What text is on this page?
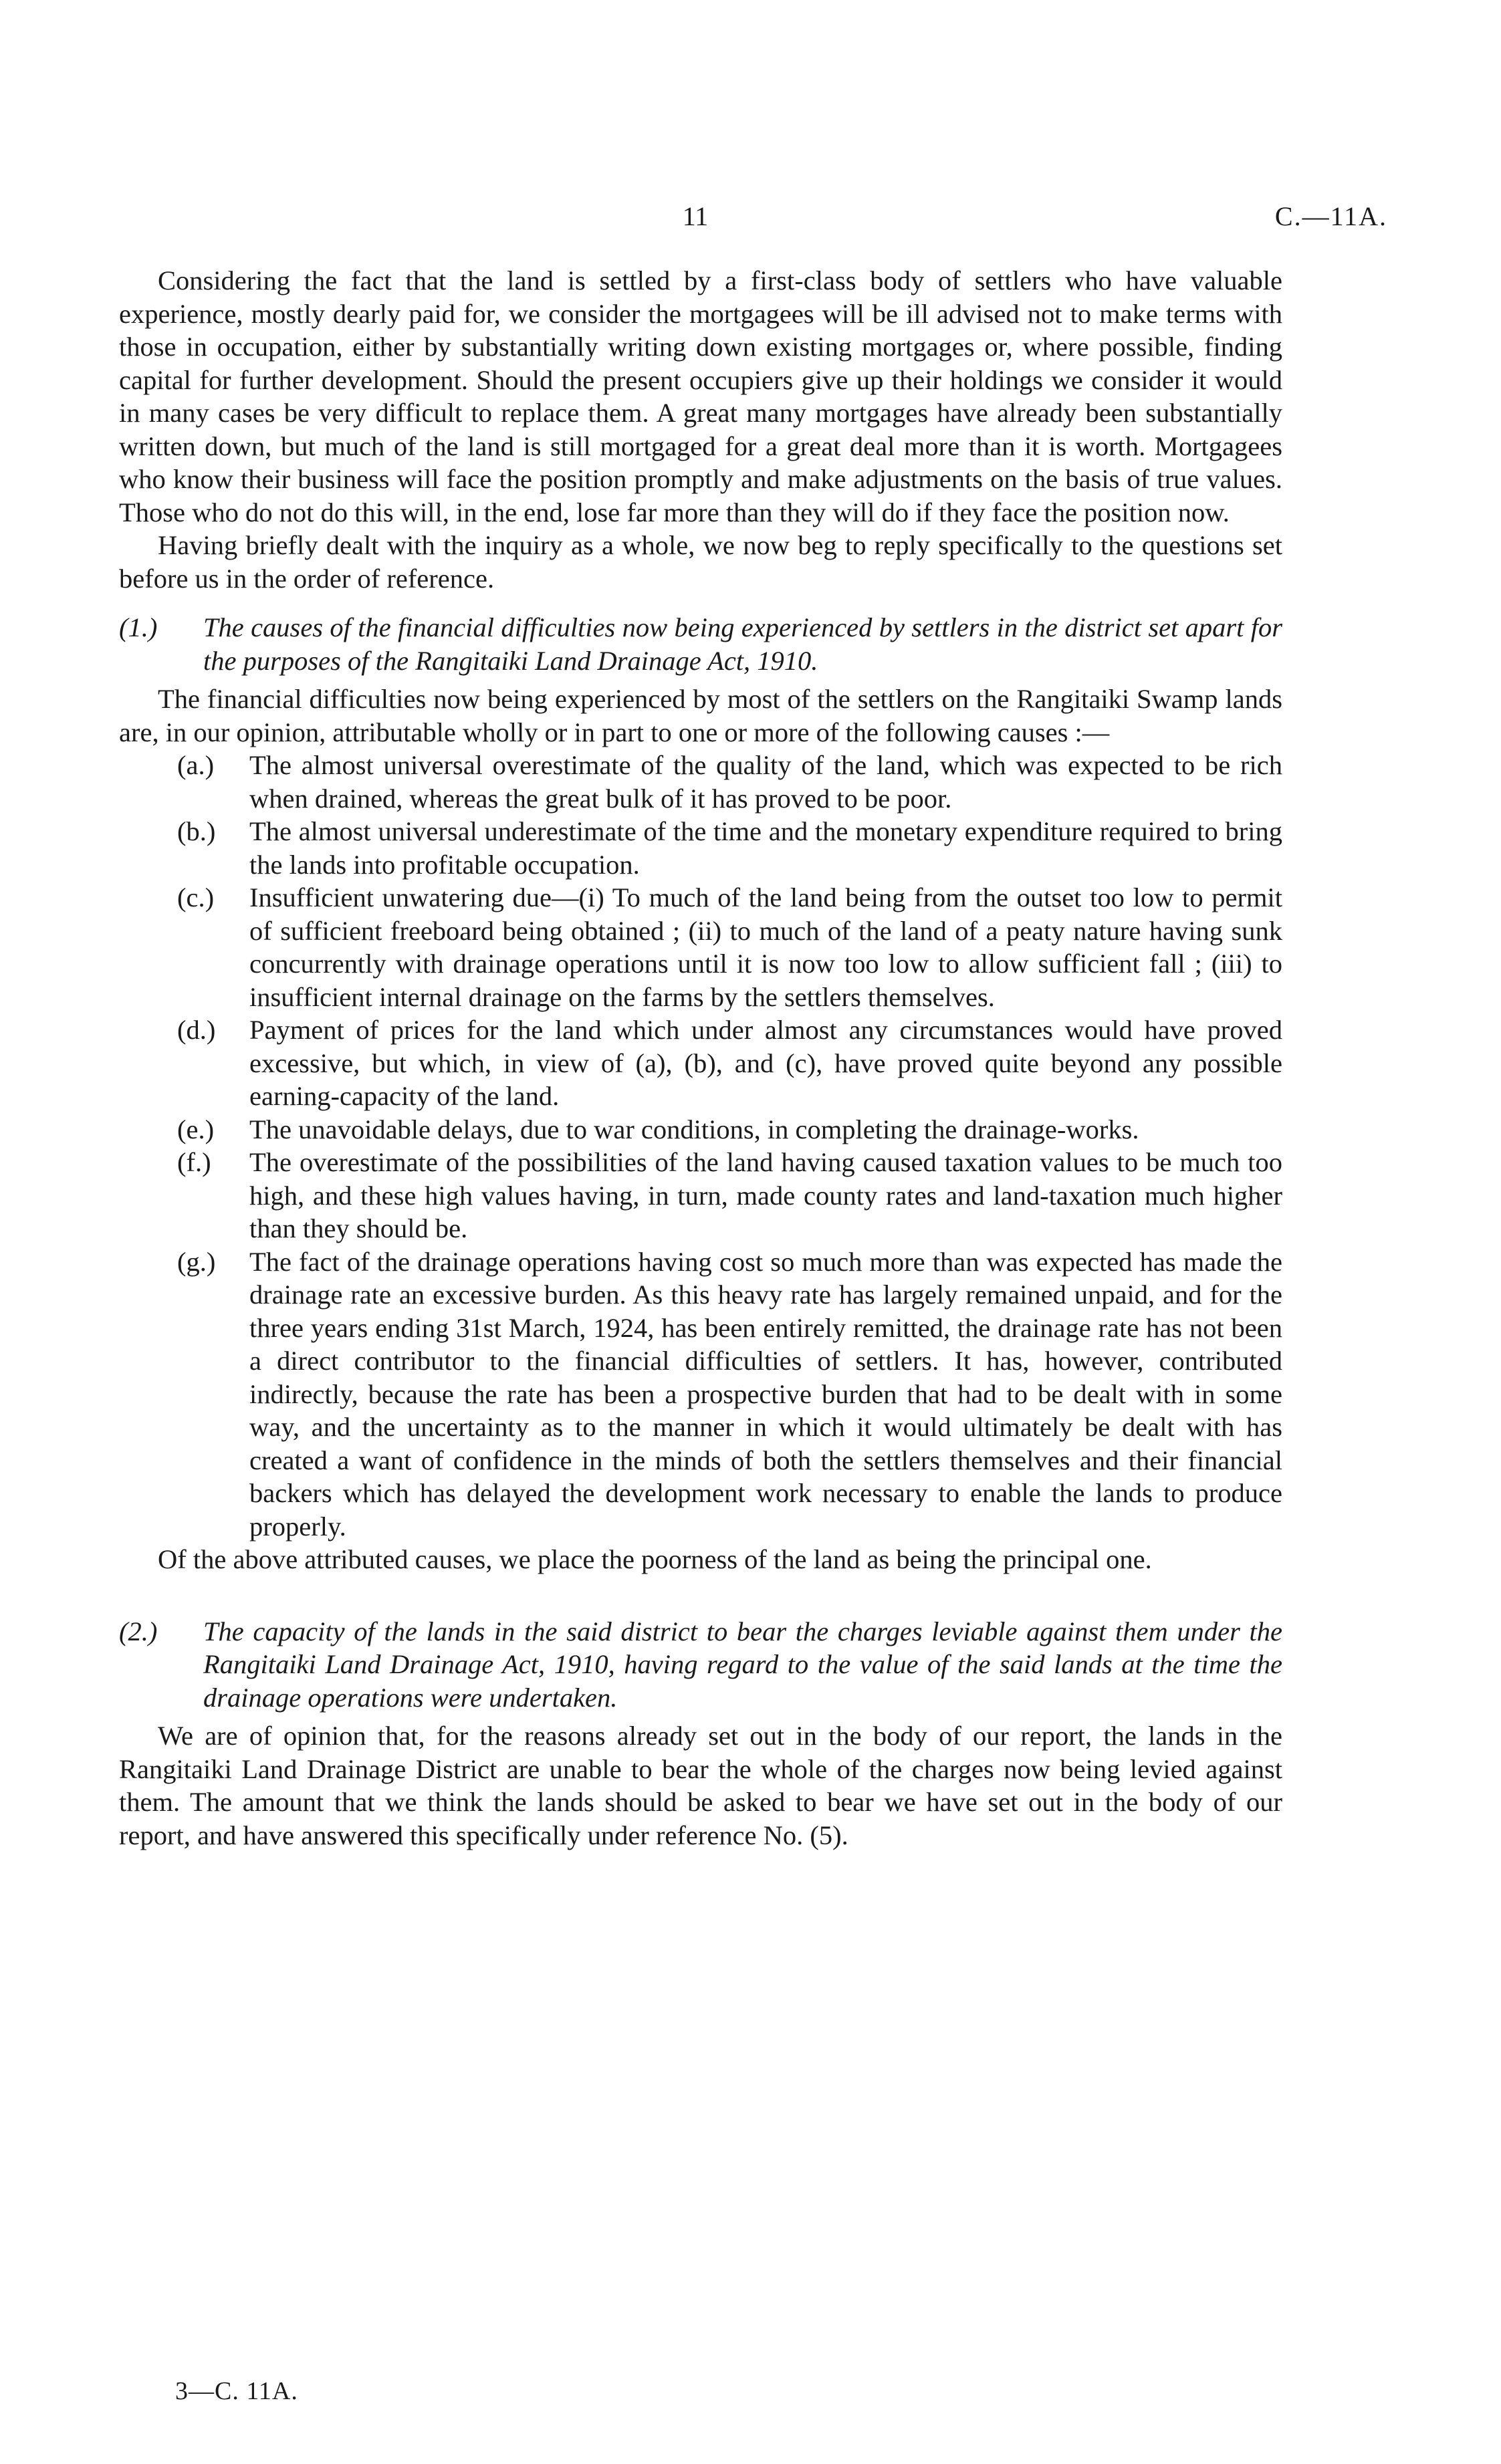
11	C.—11A.

Considering the fact that the land is settled by a first-class body of settlers who have valuable experience, mostly dearly paid for, we consider the mortgagees will be ill advised not to make terms with those in occupation, either by substantially writing down existing mortgages or, where possible, finding capital for further development. Should the present occupiers give up their holdings we consider it would in many cases be very difficult to replace them. A great many mortgages have already been substantially written down, but much of the land is still mortgaged for a great deal more than it is worth. Mortgagees who know their business will face the position promptly and make adjustments on the basis of true values. Those who do not do this will, in the end, lose far more than they will do if they face the position now.

Having briefly dealt with the inquiry as a whole, we now beg to reply specifically to the questions set before us in the order of reference.

(1.) The causes of the financial difficulties now being experienced by settlers in the district set apart for the purposes of the Rangitaiki Land Drainage Act, 1910.

The financial difficulties now being experienced by most of the settlers on the Rangitaiki Swamp lands are, in our opinion, attributable wholly or in part to one or more of the following causes :—

(a.)	The almost universal overestimate of the quality of the land, which was expected to be rich when drained, whereas the great bulk of it has proved to be poor.
(b.)	The almost universal underestimate of the time and the monetary expenditure required to bring the lands into profitable occupation.
(c.)	Insufficient unwatering due—(i) To much of the land being from the outset too low to permit of sufficient freeboard being obtained ; (ii) to much of the land of a peaty nature having sunk concurrently with drainage operations until it is now too low to allow sufficient fall ; (iii) to insufficient internal drainage on the farms by the settlers themselves.
(d.)	Payment of prices for the land which under almost any circumstances would have proved excessive, but which, in view of (a), (b), and (c), have proved quite beyond any possible earning-capacity of the land.
(e.)	The unavoidable delays, due to war conditions, in completing the drainage-works.
(f.)	The overestimate of the possibilities of the land having caused taxation values to be much too high, and these high values having, in turn, made county rates and land-taxation much higher than they should be.
(g.)	The fact of the drainage operations having cost so much more than was expected has made the drainage rate an excessive burden. As this heavy rate has largely remained unpaid, and for the three years ending 31st March, 1924, has been entirely remitted, the drainage rate has not been a direct contributor to the financial difficulties of settlers. It has, however, contributed indirectly, because the rate has been a prospective burden that had to be dealt with in some way, and the uncertainty as to the manner in which it would ultimately be dealt with has created a want of confidence in the minds of both the settlers themselves and their financial backers which has delayed the development work necessary to enable the lands to produce properly.

Of the above attributed causes, we place the poorness of the land as being the principal one.

(2.) The capacity of the lands in the said district to bear the charges leviable against them under the Rangitaiki Land Drainage Act, 1910, having regard to the value of the said lands at the time the drainage operations were undertaken.

We are of opinion that, for the reasons already set out in the body of our report, the lands in the Rangitaiki Land Drainage District are unable to bear the whole of the charges now being levied against them. The amount that we think the lands should be asked to bear we have set out in the body of our report, and have answered this specifically under reference No. (5).

3—C. 11A.
